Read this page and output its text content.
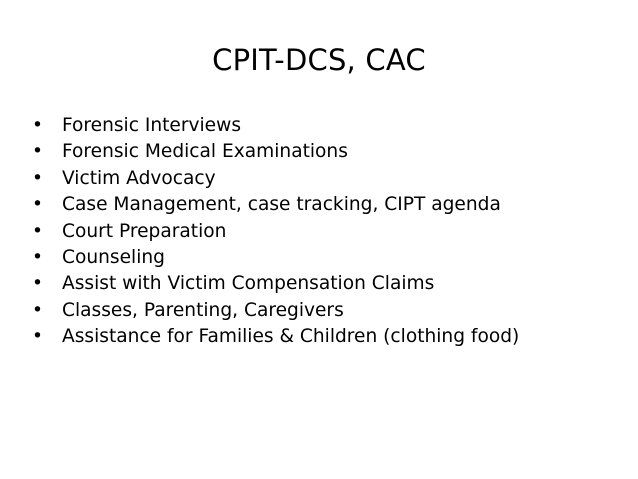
CPIT-DCS, CAC
•	Forensic Interviews
•	Forensic Medical Examinations
•	Victim Advocacy
•	Case Management, case tracking, CIPT agenda
•	Court Preparation
•	Counseling
•	Assist with Victim Compensation Claims
•	Classes, Parenting, Caregivers
•	Assistance for Families & Children (clothing food)
